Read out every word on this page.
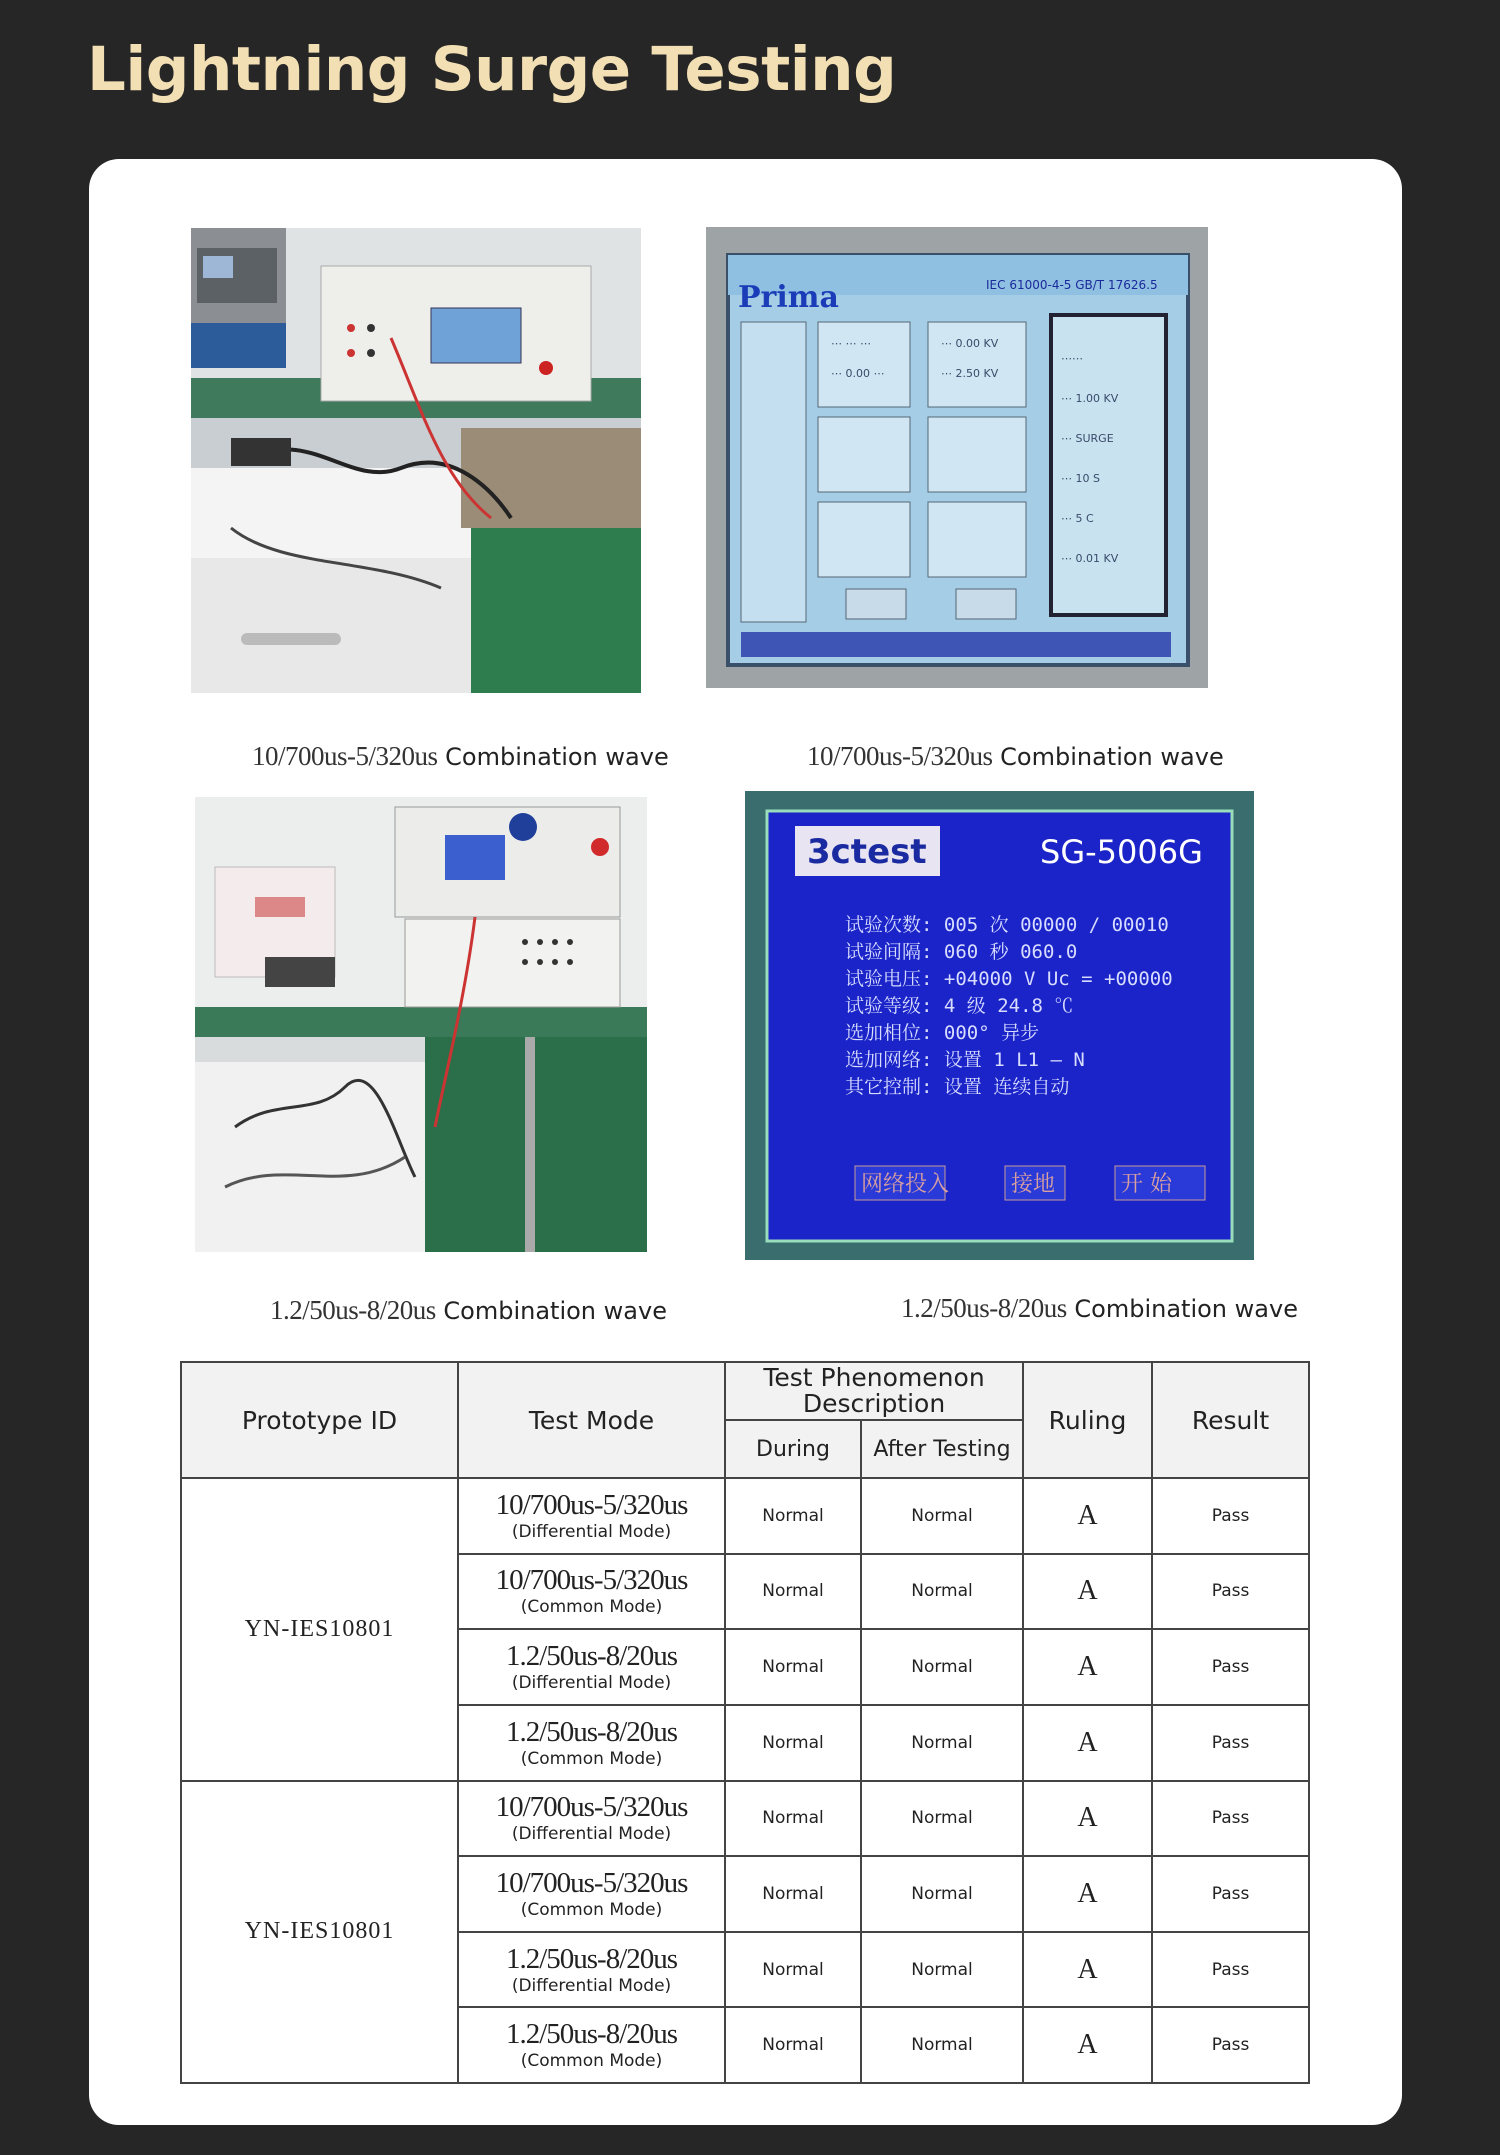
Lightning Surge Testing
Prima	IEC 61000-4-5 GB/T 17626.5
⋯ ⋯ ⋯
⋯ 0.00 ⋯
⋯ 0.00 KV
⋯ 2.50 KV
⋯⋯
⋯ 1.00 KV
⋯ SURGE
⋯ 10 S
⋯ 5 C
⋯ 0.01 KV
10/700us-5/320us Combination wave	10/700us-5/320us Combination wave
3ctest	SG-5006G
试验次数: 005 次 00000 / 00010
试验间隔: 060 秒 060.0
试验电压: +04000 V Uc = +00000
试验等级: 4 级 24.8 ℃
选加相位: 000° 异步
选加网络: 设置 1 L1 — N
其它控制: 设置 连续自动
网络投入	接地	开 始
1.2/50us-8/20us Combination wave	1.2/50us-8/20us Combination wave
Prototype ID	Test Mode	Test Phenomenon Description		Ruling	Result
		During	After Testing		
YN-IES10801	10/700us-5/320us
(Differential Mode)	Normal	Normal	A	Pass

	10/700us-5/320us
(Common Mode)	Normal	Normal	A	Pass

	1.2/50us-8/20us
(Differential Mode)	Normal	Normal	A	Pass

	1.2/50us-8/20us
(Common Mode)	Normal	Normal	A	Pass
YN-IES10801	10/700us-5/320us
(Differential Mode)	Normal	Normal	A	Pass

	10/700us-5/320us
(Common Mode)	Normal	Normal	A	Pass

	1.2/50us-8/20us
(Differential Mode)	Normal	Normal	A	Pass

	1.2/50us-8/20us
(Common Mode)	Normal	Normal	A	Pass
